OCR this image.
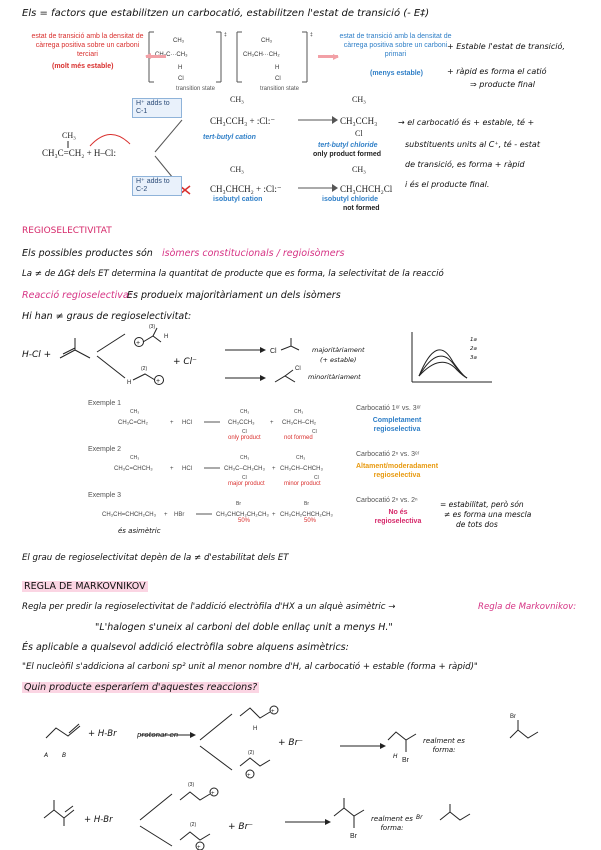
Els = factors que estabilitzen un carbocatió, estabilitzen l'estat de transició (- E‡)
estat de transició amb la densitat de càrrega positiva sobre un carboni terciari
(molt més estable)
CH₃
CH₃C···CH₃
H
Cl
‡
CH₃
CH₃CH···CH₂
H
Cl
‡
transition state	transition state
estat de transició amb la densitat de càrrega positiva sobre un carboni primari
(menys estable)
+ Estable l'estat de transició,
+ ràpid es forma el catió
⇒ producte final
CH₃
CH₃C=CH₂ + H–Cl:
CH₃
CH₃CCH₃ + :Cl:⁻
CH₃
CH₃CCH₃
Cl
CH₃
CH₃CHCH₂ + :Cl:⁻
CH₃
CH₃CHCH₂Cl
H⁺ adds to C-1
H⁺ adds to C-2
tert-butyl cation
tert-butyl chloride
only product formed
isobutyl cation	isobutyl chloride
not formed
→ el carbocatió és + estable, té +
substituents units al C⁺, té - estat
de transició, es forma + ràpid
i és el producte final.
REGIOSELECTIVITAT
Els possibles productes són isòmers constitucionals / regioisòmers
La ≠ de ΔG‡ dels ET determina la quantitat de producte que es forma, la selectivitat de la reacció
Reacció regioselectiva:
Es produeix majoritàriament un dels isòmers
Hi han ≠ graus de regioselectivitat:
H-Cl +
+
(3)
H
H
(2)
+
Cl
Cl
+ Cl⁻
majoritàriament
(+ estable)
minoritàriament
1a
2a
3a
Exemple 1
CH₃
CH₃C=CH₂	+ HCl
CH₃
CH₃CCH₃
Cl
+
CH₃
CH₃CH–CH₂
Cl
only product	not formed
Carbocatió 1ᵉʳ vs. 3ᵉʳ
Completament regioselectiva
Exemple 2
CH₃
CH₃C=CHCH₃	+ HCl
CH₃
CH₃C–CH₂CH₃
Cl
+
CH₃
CH₃CH–CHCH₃
Cl
major product	minor product
Carbocatió 2ⁿ vs. 3ᵉʳ
Altament/moderadament regioselectiva
Exemple 3
CH₃CH=CHCH₂CH₃ + HBr
Br
CH₃CHCH₂CH₂CH₃ +
Br
CH₃CH₂CHCH₂CH₃
50%	50%
Carbocatió 2ⁿ vs. 2ⁿ
No és regioselectiva
és asimètric
= estabilitat, però són
≠ es forma una mescla
de tots dos
El grau de regioselectivitat depèn de la ≠ d'estabilitat dels ET
REGLA DE MARKOVNIKOV
Regla per predir la regioselectivitat de l'addició electròfila d'HX a un alquè asimètric →	Regla de Markovnikov:
"L'halogen s'uneix al carboni del doble enllaç unit a menys H."
És aplicable a qualsevol addició electròfila sobre alquens asimètrics:
"El nucleòfil s'addiciona al carboni sp² unit al menor nombre d'H, al carbocatió + estable (forma + ràpid)"
Quin producte esperaríem d'aquestes reaccions?
H
+
(2)
+
Br
Br
(3)
+
(2)
+
Br
+ H-Br	protonar en
A B
+ Br⁻	realment es forma:
+ H-Br
+ Br⁻
realment es forma:
Br
H
